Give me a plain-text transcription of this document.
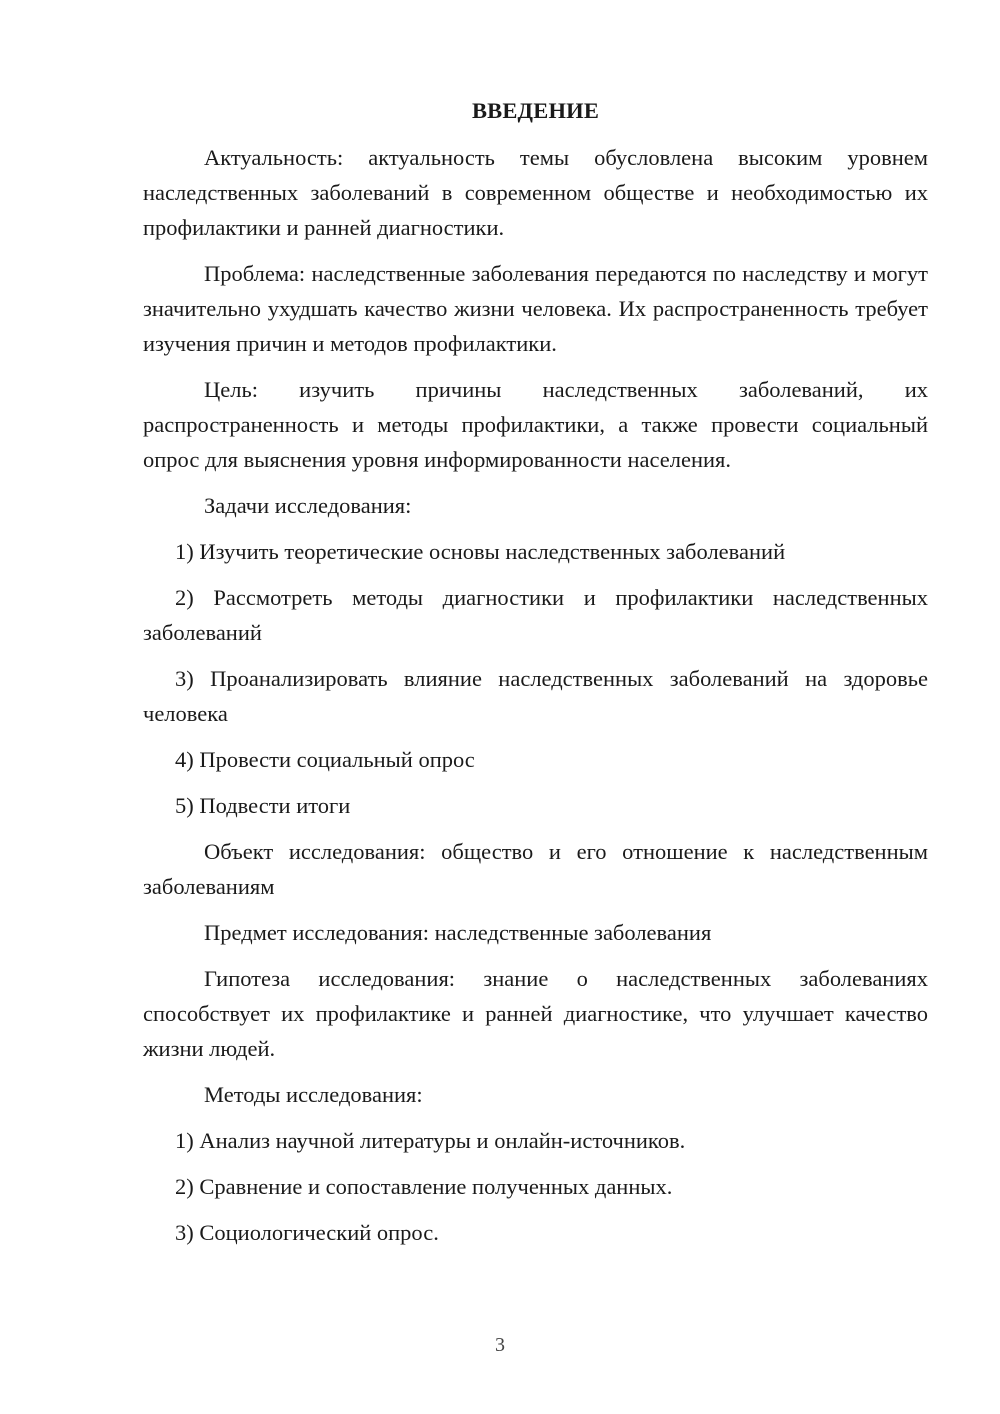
ВВЕДЕНИЕ

Актуальность: актуальность темы обусловлена высоким уровнем наследственных заболеваний в современном обществе и необходимостью их профилактики и ранней диагностики.

Проблема: наследственные заболевания передаются по наследству и могут значительно ухудшать качество жизни человека. Их распространенность требует изучения причин и методов профилактики.

Цель: изучить причины наследственных заболеваний, их распространенность и методы профилактики, а также провести социальный опрос для выяснения уровня информированности населения.

Задачи исследования:

1) Изучить теоретические основы наследственных заболеваний

2) Рассмотреть методы диагностики и профилактики наследственных заболеваний

3) Проанализировать влияние наследственных заболеваний на здоровье человека

4) Провести социальный опрос

5) Подвести итоги

Объект исследования: общество и его отношение к наследственным заболеваниям

Предмет исследования: наследственные заболевания

Гипотеза исследования: знание о наследственных заболеваниях способствует их профилактике и ранней диагностике, что улучшает качество жизни людей.

Методы исследования:

1) Анализ научной литературы и онлайн-источников.

2) Сравнение и сопоставление полученных данных.

3) Социологический опрос.

3
